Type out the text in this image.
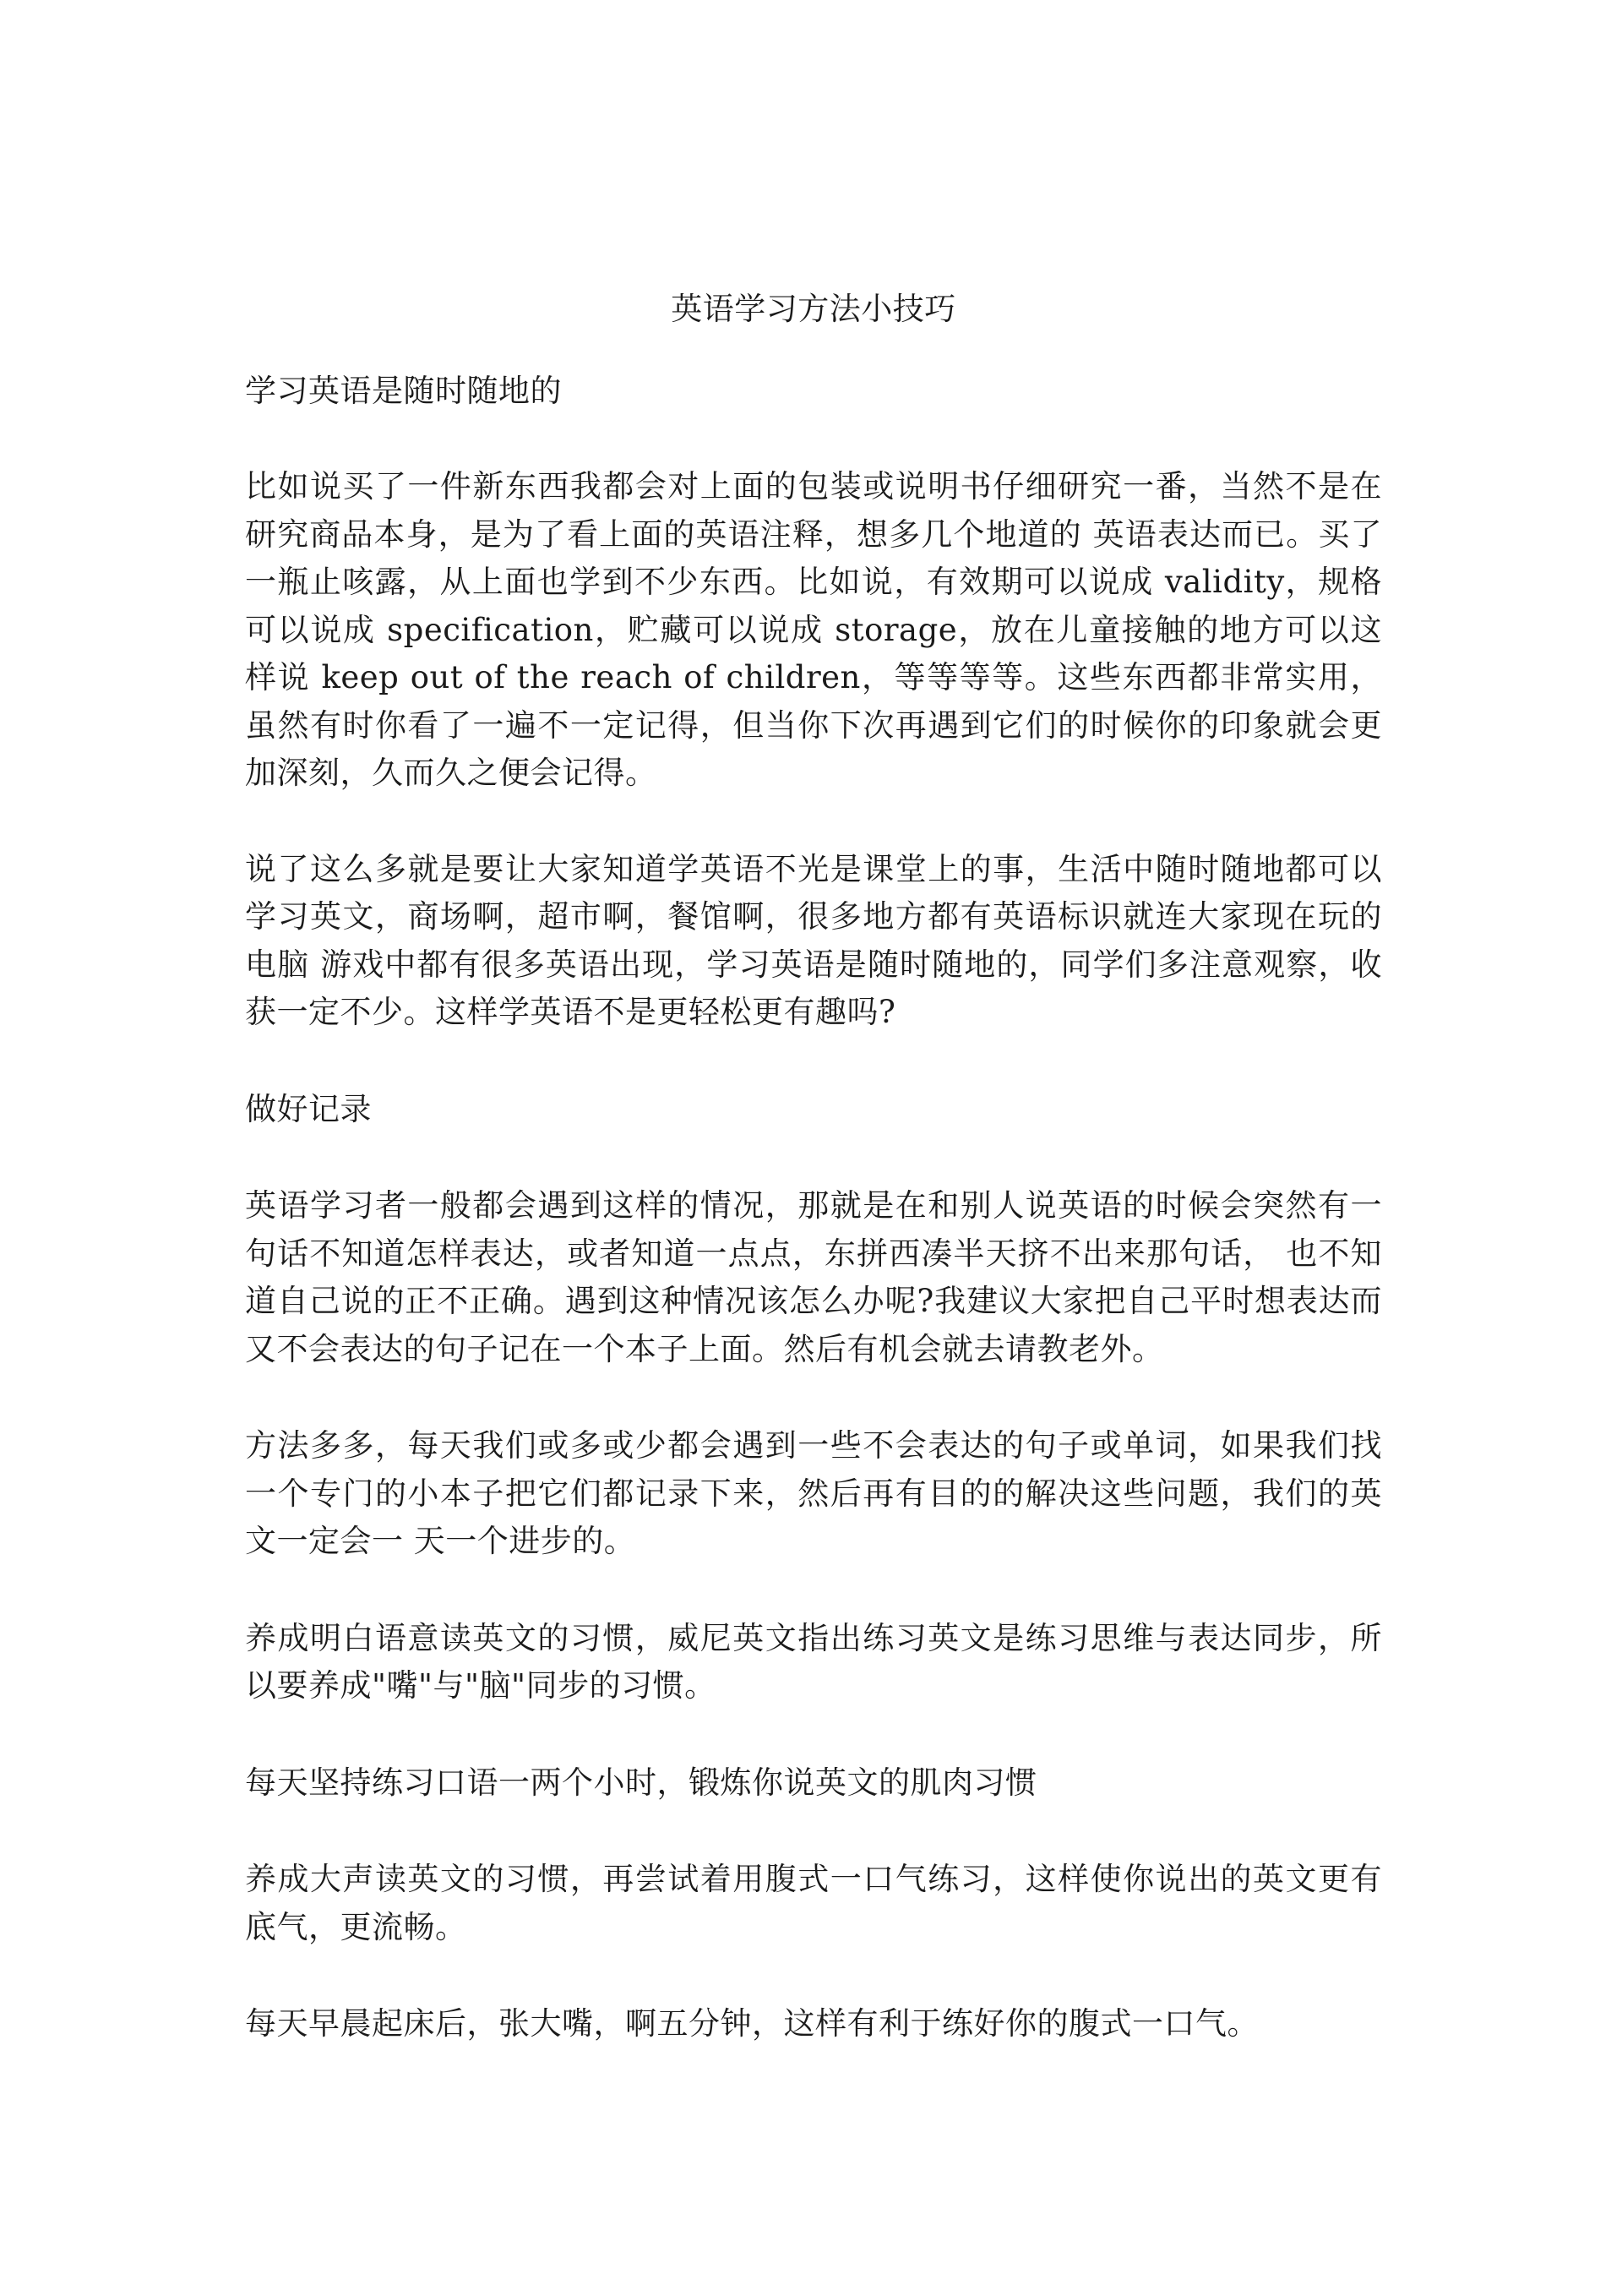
英语学习方法小技巧

学习英语是随时随地的

比如说买了一件新东西我都会对上面的包装或说明书仔细研究一番，当然不是在研究商品本身，是为了看上面的英语注释，想多几个地道的 英语表达而已。买了一瓶止咳露，从上面也学到不少东西。比如说，有效期可以说成 validity，规格可以说成 specification，贮藏可以说成 storage，放在儿童接触的地方可以这样说 keep out of the reach of children，等等等等。这些东西都非常实用，虽然有时你看了一遍不一定记得，但当你下次再遇到它们的时候你的印象就会更加深刻，久而久之便会记得。

说了这么多就是要让大家知道学英语不光是课堂上的事，生活中随时随地都可以学习英文，商场啊，超市啊，餐馆啊，很多地方都有英语标识就连大家现在玩的电脑 游戏中都有很多英语出现，学习英语是随时随地的，同学们多注意观察，收获一定不少。这样学英语不是更轻松更有趣吗?

做好记录

英语学习者一般都会遇到这样的情况，那就是在和别人说英语的时候会突然有一句话不知道怎样表达，或者知道一点点，东拼西凑半天挤不出来那句话， 也不知道自己说的正不正确。遇到这种情况该怎么办呢?我建议大家把自己平时想表达而又不会表达的句子记在一个本子上面。然后有机会就去请教老外。

方法多多，每天我们或多或少都会遇到一些不会表达的句子或单词，如果我们找一个专门的小本子把它们都记录下来，然后再有目的的解决这些问题，我们的英文一定会一 天一个进步的。

养成明白语意读英文的习惯，威尼英文指出练习英文是练习思维与表达同步，所以要养成"嘴"与"脑"同步的习惯。

每天坚持练习口语一两个小时，锻炼你说英文的肌肉习惯

养成大声读英文的习惯，再尝试着用腹式一口气练习，这样使你说出的英文更有底气，更流畅。

每天早晨起床后，张大嘴，啊五分钟，这样有利于练好你的腹式一口气。
